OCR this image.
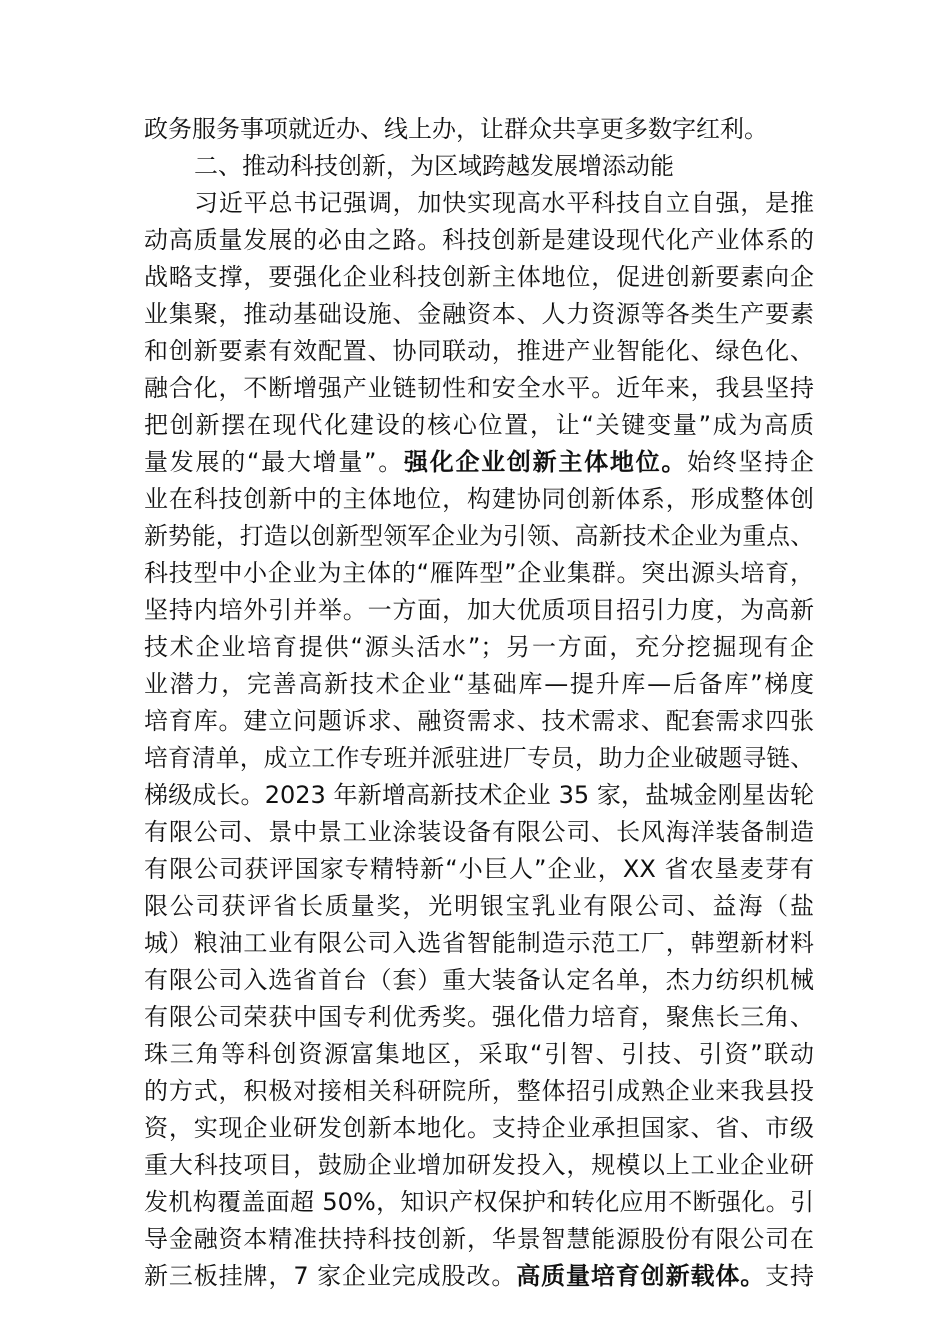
政务服务事项就近办、线上办，让群众共享更多数字红利。
二、推动科技创新，为区域跨越发展增添动能
习近平总书记强调，加快实现高水平科技自立自强，是推
动高质量发展的必由之路。科技创新是建设现代化产业体系的
战略支撑，要强化企业科技创新主体地位，促进创新要素向企
业集聚，推动基础设施、金融资本、人力资源等各类生产要素
和创新要素有效配置、协同联动，推进产业智能化、绿色化、
融合化，不断增强产业链韧性和安全水平。近年来，我县坚持
把创新摆在现代化建设的核心位置，让“关键变量”成为高质
量发展的“最大增量”。强化企业创新主体地位。始终坚持企
业在科技创新中的主体地位，构建协同创新体系，形成整体创
新势能，打造以创新型领军企业为引领、高新技术企业为重点、
科技型中小企业为主体的“雁阵型”企业集群。突出源头培育，
坚持内培外引并举。一方面，加大优质项目招引力度，为高新
技术企业培育提供“源头活水”；另一方面，充分挖掘现有企
业潜力，完善高新技术企业“基础库—提升库—后备库”梯度
培育库。建立问题诉求、融资需求、技术需求、配套需求四张
培育清单，成立工作专班并派驻进厂专员，助力企业破题寻链、
梯级成长。2023 年新增高新技术企业 35 家，盐城金刚星齿轮
有限公司、景中景工业涂装设备有限公司、长风海洋装备制造
有限公司获评国家专精特新“小巨人”企业，XX 省农垦麦芽有
限公司获评省长质量奖，光明银宝乳业有限公司、益海（盐
城）粮油工业有限公司入选省智能制造示范工厂，韩塑新材料
有限公司入选省首台（套）重大装备认定名单，杰力纺织机械
有限公司荣获中国专利优秀奖。强化借力培育，聚焦长三角、
珠三角等科创资源富集地区，采取“引智、引技、引资”联动
的方式，积极对接相关科研院所，整体招引成熟企业来我县投
资，实现企业研发创新本地化。支持企业承担国家、省、市级
重大科技项目，鼓励企业增加研发投入，规模以上工业企业研
发机构覆盖面超 50%，知识产权保护和转化应用不断强化。引
导金融资本精准扶持科技创新，华景智慧能源股份有限公司在
新三板挂牌，7 家企业完成股改。高质量培育创新载体。支持
